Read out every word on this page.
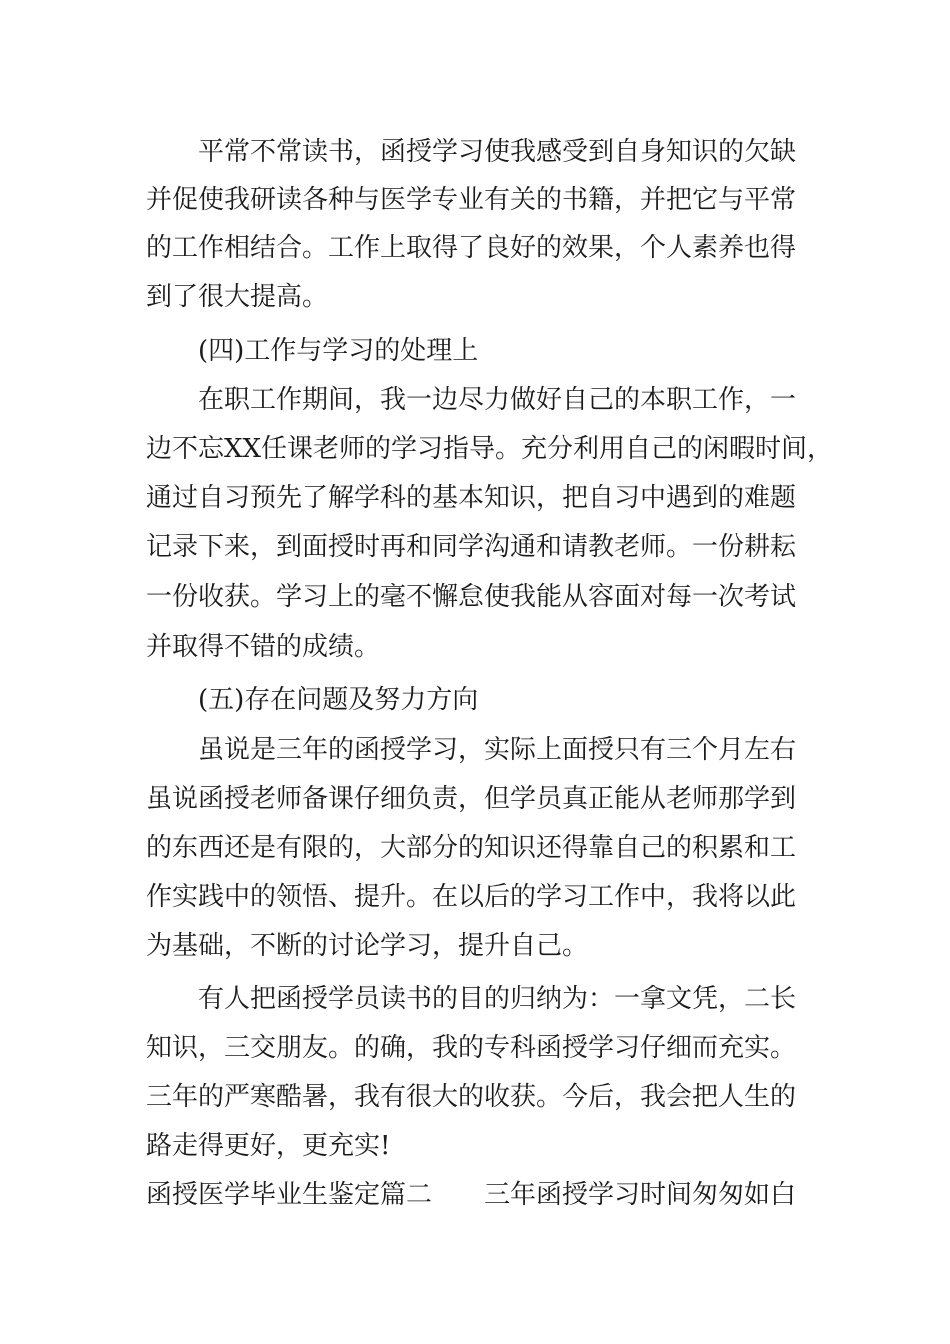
平常不常读书，函授学习使我感受到自身知识的欠缺
并促使我研读各种与医学专业有关的书籍，并把它与平常
的工作相结合。工作上取得了良好的效果，个人素养也得
到了很大提高。
(四)工作与学习的处理上
在职工作期间，我一边尽力做好自己的本职工作，一
边不忘XX任课老师的学习指导。充分利用自己的闲暇时间，
通过自习预先了解学科的基本知识，把自习中遇到的难题
记录下来，到面授时再和同学沟通和请教老师。一份耕耘
一份收获。学习上的毫不懈怠使我能从容面对每一次考试
并取得不错的成绩。
(五)存在问题及努力方向
虽说是三年的函授学习，实际上面授只有三个月左右
虽说函授老师备课仔细负责，但学员真正能从老师那学到
的东西还是有限的，大部分的知识还得靠自己的积累和工
作实践中的领悟、提升。在以后的学习工作中，我将以此
为基础，不断的讨论学习，提升自己。
有人把函授学员读书的目的归纳为：一拿文凭，二长
知识，三交朋友。的确，我的专科函授学习仔细而充实。
三年的严寒酷暑，我有很大的收获。今后，我会把人生的
路走得更好，更充实!
函授医学毕业生鉴定篇二 三年函授学习时间匆匆如白
